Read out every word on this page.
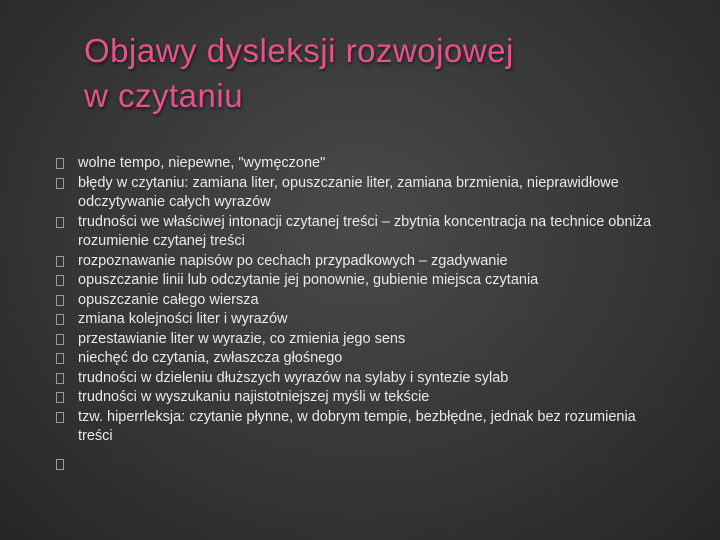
Objawy dysleksji rozwojowej
w czytaniu
wolne tempo, niepewne, "wymęczone"
błędy w czytaniu: zamiana liter, opuszczanie liter, zamiana brzmienia, nieprawidłowe odczytywanie całych wyrazów
trudności we właściwej intonacji czytanej treści – zbytnia koncentracja na technice obniża rozumienie czytanej treści
rozpoznawanie napisów po cechach przypadkowych – zgadywanie
opuszczanie linii lub odczytanie jej ponownie, gubienie miejsca czytania
opuszczanie całego wiersza
zmiana kolejności liter i wyrazów
przestawianie liter w wyrazie, co zmienia jego sens
niechęć do czytania, zwłaszcza głośnego
trudności w dzieleniu dłuższych wyrazów na sylaby i syntezie sylab
trudności w wyszukaniu najistotniejszej myśli w tekście
tzw. hiperrleksja: czytanie płynne, w dobrym tempie, bezbłędne, jednak bez rozumienia treści
